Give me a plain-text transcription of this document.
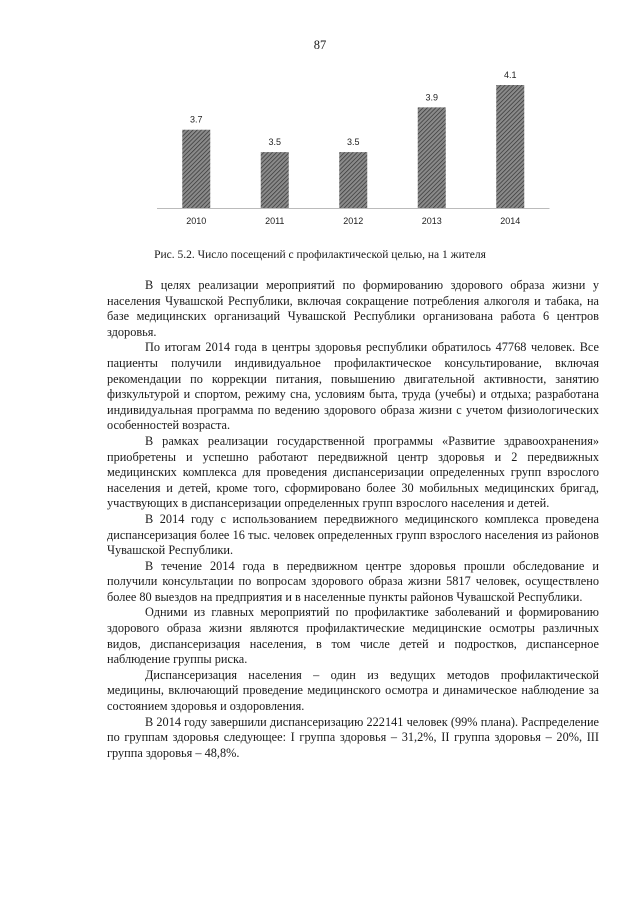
87
3.7
2010
3.5
2011
3.5
2012
3.9
2013
4.1
2014
Рис. 5.2. Число посещений с профилактической целью, на 1 жителя

В целях реализации мероприятий по формированию здорового образа жизни у населения Чувашской Республики, включая сокращение потребления алкоголя и табака, на базе медицинских организаций Чувашской Республики организована работа 6 центров здоровья.

По итогам 2014 года в центры здоровья республики обратилось 47768 человек. Все пациенты получили индивидуальное профилактическое консультирование, включая рекомендации по коррекции питания, повышению двигательной активности, занятию физкультурой и спортом, режиму сна, условиям быта, труда (учебы) и отдыха; разработана индивидуальная программа по ведению здорового образа жизни с учетом физиологических особенностей возраста.

В рамках реализации государственной программы «Развитие здравоохранения» приобретены и успешно работают передвижной центр здоровья и 2 передвижных медицинских комплекса для проведения диспансеризации определенных групп взрослого населения и детей, кроме того, сформировано более 30 мобильных медицинских бригад, участвующих в диспансеризации определенных групп взрослого населения и детей.

В 2014 году с использованием передвижного медицинского комплекса проведена диспансеризация более 16 тыс. человек определенных групп взрослого населения из районов Чувашской Республики.

В течение 2014 года в передвижном центре здоровья прошли обследование и получили консультации по вопросам здорового образа жизни 5817 человек, осуществлено более 80 выездов на предприятия и в населенные пункты районов Чувашской Республики.

Одними из главных мероприятий по профилактике заболеваний и формированию здорового образа жизни являются профилактические медицинские осмотры различных видов, диспансеризация населения, в том числе детей и подростков, диспансерное наблюдение группы риска.

Диспансеризация населения – один из ведущих методов профилактической медицины, включающий проведение медицинского осмотра и динамическое наблюдение за состоянием здоровья и оздоровления.

В 2014 году завершили диспансеризацию 222141 человек (99% плана). Распределение по группам здоровья следующее: I группа здоровья – 31,2%, II группа здоровья – 20%, III группа здоровья – 48,8%.
